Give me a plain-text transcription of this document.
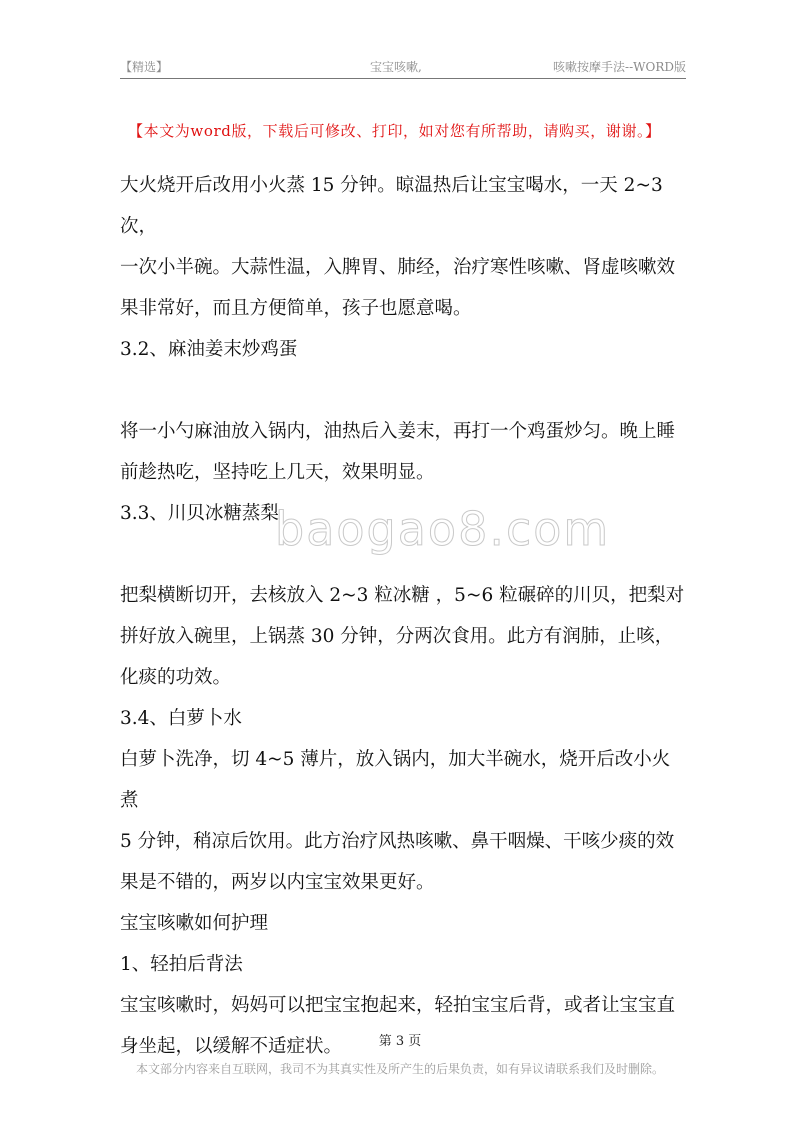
【精选】	宝宝咳嗽,	咳嗽按摩手法--WORD版
【本文为word版，下载后可修改、打印，如对您有所帮助，请购买，谢谢。】

大火烧开后改用小火蒸 15 分钟。晾温热后让宝宝喝水，一天 2~3 次，

一次小半碗。大蒜性温，入脾胃、肺经，治疗寒性咳嗽、肾虚咳嗽效

果非常好，而且方便简单，孩子也愿意喝。

3.2、麻油姜末炒鸡蛋

将一小勺麻油放入锅内，油热后入姜末，再打一个鸡蛋炒匀。晚上睡

前趁热吃，坚持吃上几天，效果明显。

3.3、川贝冰糖蒸梨

把梨横断切开，去核放入 2~3 粒冰糖 ，5~6 粒碾碎的川贝，把梨对

拼好放入碗里，上锅蒸 30 分钟，分两次食用。此方有润肺，止咳，

化痰的功效。

3.4、白萝卜水

白萝卜洗净，切 4~5 薄片，放入锅内，加大半碗水，烧开后改小火煮

5 分钟，稍凉后饮用。此方治疗风热咳嗽、鼻干咽燥、干咳少痰的效

果是不错的，两岁以内宝宝效果更好。

宝宝咳嗽如何护理

1、轻拍后背法

宝宝咳嗽时，妈妈可以把宝宝抱起来，轻拍宝宝后背，或者让宝宝直

身坐起，以缓解不适症状。

baogao8.com
第 3 页
本文部分内容来自互联网，我司不为其真实性及所产生的后果负责，如有异议请联系我们及时删除。
